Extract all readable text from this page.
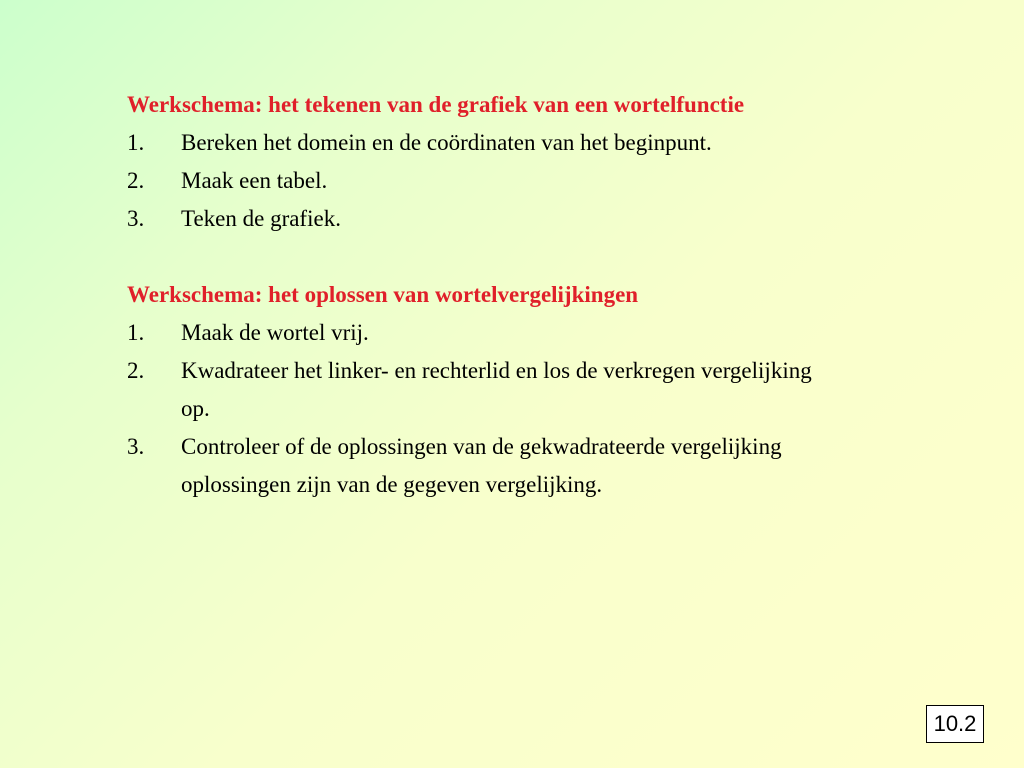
Werkschema: het tekenen van de grafiek van een wortelfunctie
1.	Bereken het domein en de coördinaten van het beginpunt.
2.	Maak een tabel.
3.	Teken de grafiek.
Werkschema: het oplossen van wortelvergelijkingen
1.	Maak de wortel vrij.
2.	Kwadrateer het linker- en rechterlid en los de verkregen vergelijking op.
3.	Controleer of de oplossingen van de gekwadrateerde vergelijking oplossingen zijn van de gegeven vergelijking.
10.2
